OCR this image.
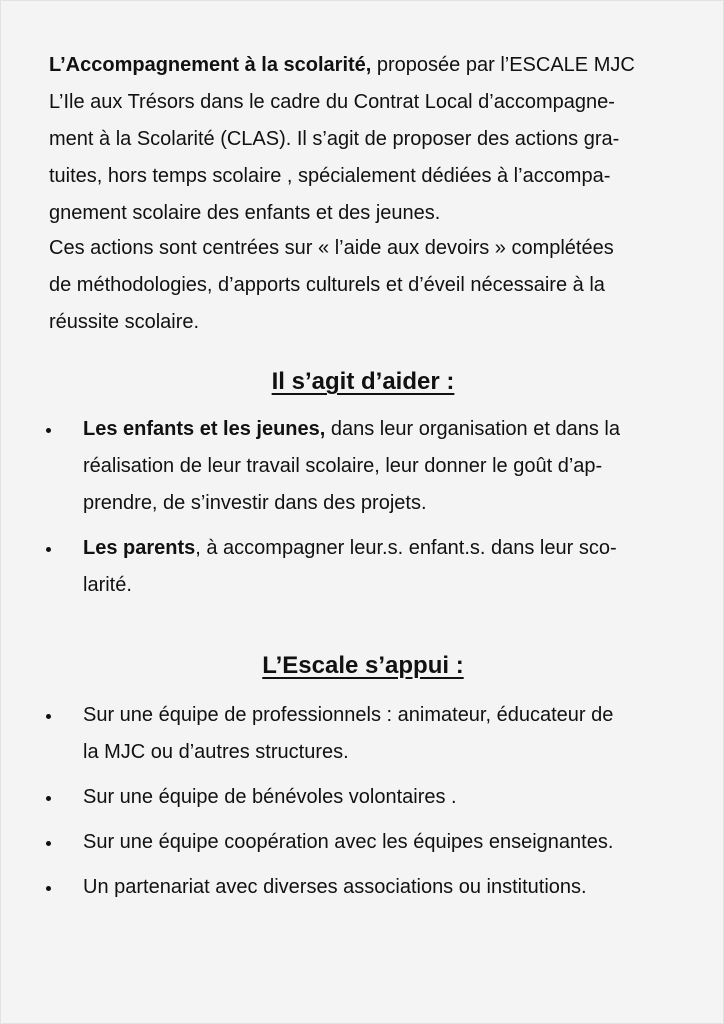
L’Accompagnement à la scolarité, proposée par l’ESCALE MJC
L’Ile aux Trésors dans le cadre du Contrat Local d’accompagne-
ment à la Scolarité (CLAS). Il s’agit de proposer des actions gra-
tuites, hors temps scolaire , spécialement dédiées à l’accompa-
gnement scolaire des enfants et des jeunes.
Ces actions sont centrées sur « l’aide aux devoirs » complétées
de méthodologies, d’apports culturels et d’éveil nécessaire à la
réussite scolaire.
Il s’agit d’aider :
Les enfants et les jeunes, dans leur organisation et dans la
réalisation de leur travail scolaire, leur donner le goût d’ap-
prendre, de s’investir dans des projets.
Les parents, à accompagner leur.s. enfant.s. dans leur sco-
larité.
L’Escale s’appui :
Sur une équipe de professionnels : animateur, éducateur de
la MJC ou d’autres structures.
Sur une équipe de bénévoles volontaires .
Sur une équipe coopération avec les équipes enseignantes.
Un partenariat avec diverses associations ou institutions.
